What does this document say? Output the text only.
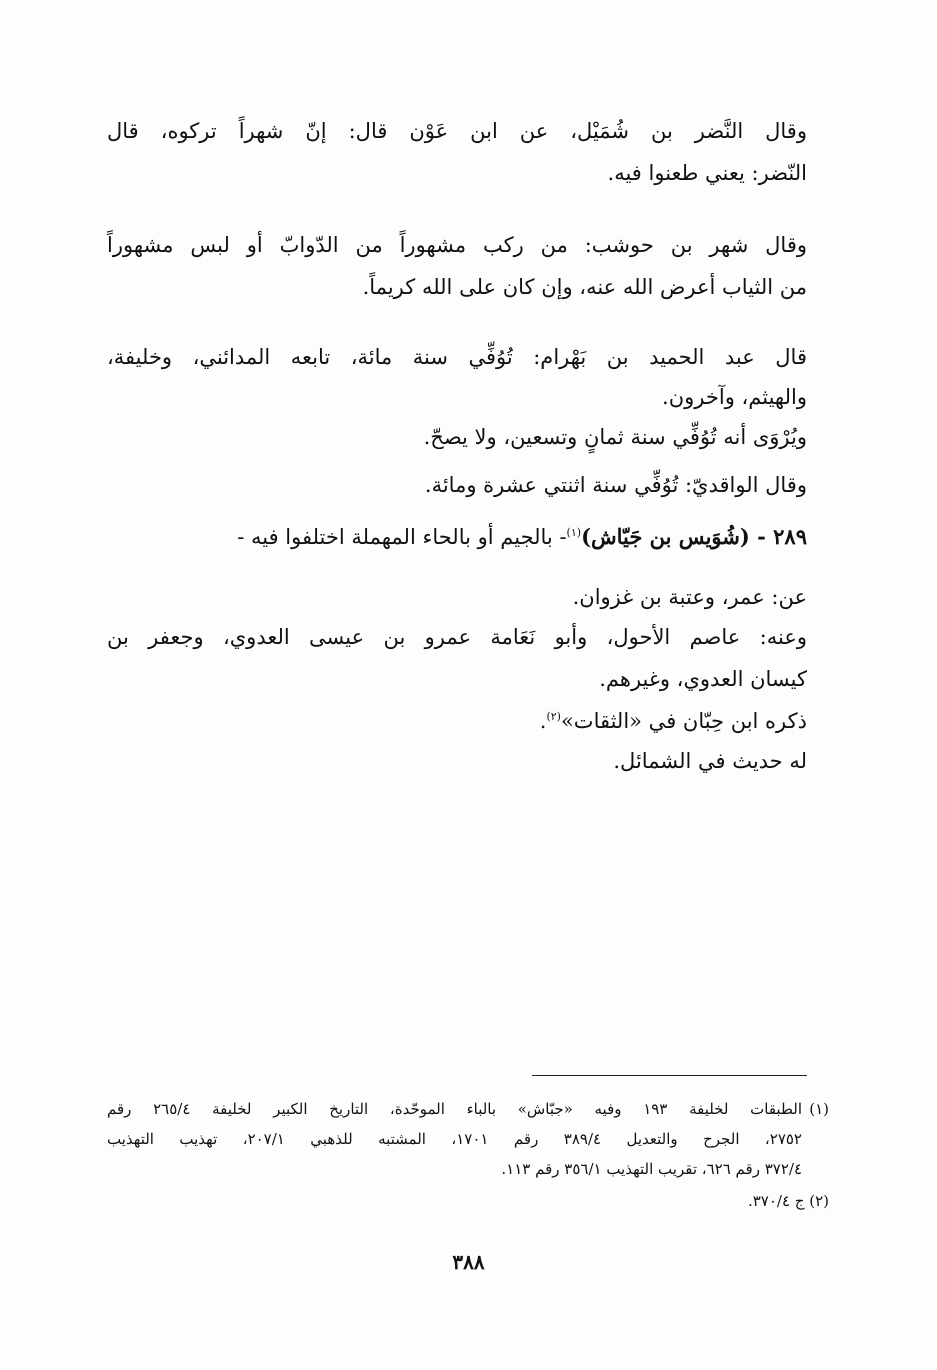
وقال النَّضر بن شُمَيْل، عن ابن عَوْن قال: إنّ شهراً تركوه، قال
النّضر: يعني طعنوا فيه.
وقال شهر بن حوشب: من ركب مشهوراً من الدّوابّ أو لبس مشهوراً
من الثياب أعرض الله عنه، وإن كان على الله كريماً.
قال عبد الحميد بن بَهْرام: تُوُفِّي سنة مائة، تابعه المدائني، وخليفة،
والهيثم، وآخرون.
ويُرْوَى أنه تُوُفِّي سنة ثمانٍ وتسعين، ولا يصحّ.
وقال الواقديّ: تُوُفِّي سنة اثنتي عشرة ومائة.
٢٨٩ - (شُوَيس بن جَيّاش)$^{(١)}$- بالجيم أو بالحاء المهملة اختلفوا فيه -
عن: عمر، وعتبة بن غزوان.
وعنه: عاصم الأحول، وأبو نَعَامة عمرو بن عيسى العدوي، وجعفر بن
كيسان العدوي، وغيرهم.
ذكره ابن حِبّان في «الثقات»$^{(٢)}$.
له حديث في الشمائل.
(١)
الطبقات لخليفة ١٩٣ وفيه «جبّاش» بالباء الموحّدة، التاريخ الكبير لخليفة ٢٦٥/٤ رقم
٢٧٥٢، الجرح والتعديل ٣٨٩/٤ رقم ١٧٠١، المشتبه للذهبي ٢٠٧/١، تهذيب التهذيب
٣٧٢/٤ رقم ٦٢٦، تقريب التهذيب ٣٥٦/١ رقم ١١٣.
(٢) ج ٣٧٠/٤.
٣٨٨
